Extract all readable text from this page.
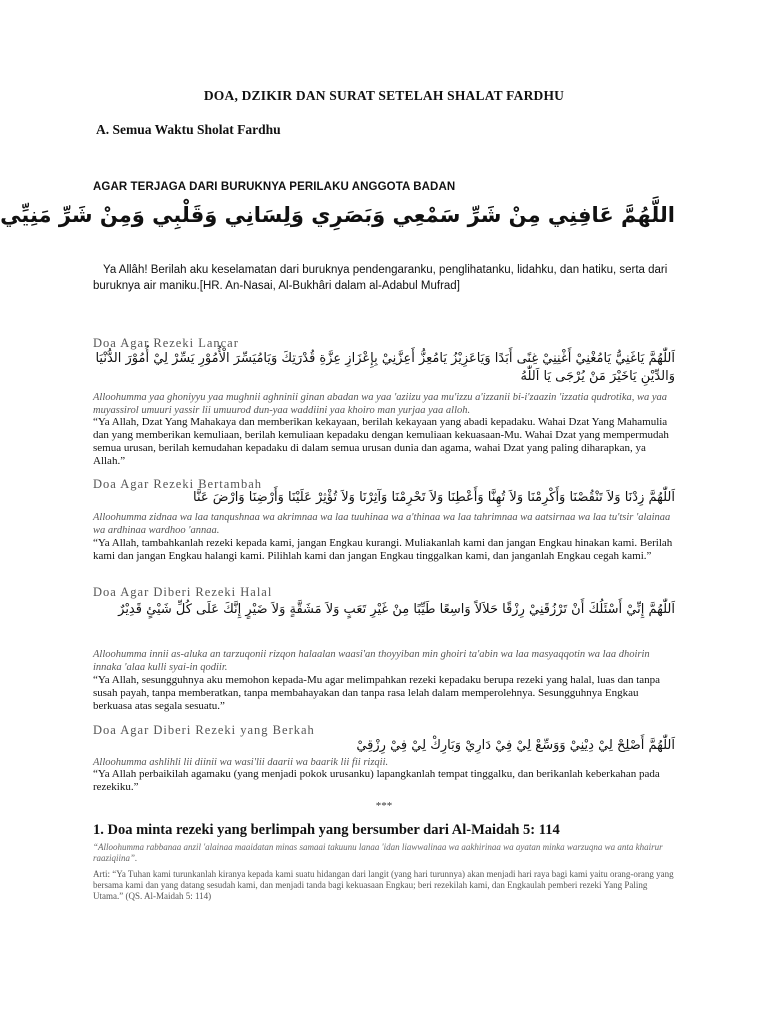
DOA, DZIKIR DAN SURAT SETELAH SHALAT FARDHU
A. Semua Waktu Sholat Fardhu
AGAR TERJAGA DARI BURUKNYA PERILAKU ANGGOTA BADAN
اللَّهُمَّ عَافِنِي مِنْ شَرِّ سَمْعِي وَبَصَرِي وَلِسَانِي وَقَلْبِي وَمِنْ شَرِّ مَنِيِّي
Ya Allâh! Berilah aku keselamatan dari buruknya pendengaranku, penglihatanku, lidahku, dan hatiku, serta dari buruknya air maniku.[HR. An-Nasai, Al-Bukhâri dalam al-Adabul Mufrad]
Doa Agar Rezeki Lancar
اَللّٰهُمَّ يَاغَنِيُّ يَامُغْنِيْ أَغْنِنِيْ غِنًى أَبَدًا وَيَاعَزِيْزُ يَامُعِزُّ أَعِزَّنِيْ بِإِعْزَازِ عِزَّةِ قُدْرَتِكَ وَيَامُيَسِّرَ الْأُمُوْرِ يَسِّرْ لِيْ أُمُوْرَ الدُّنْيَا وَالدِّيْنِ يَاخَيْرَ مَنْ يُرْجَى يَا اَللّٰهُ
Alloohumma yaa ghoniyyu yaa mughnii aghninii ginan abadan wa yaa 'aziizu yaa mu'izzu a'izzanii bi-i'zaazin 'izzatia qudrotika, wa yaa muyassirol umuuri yassir lii umuurod dun-yaa waddiini yaa khoiro man yurjaa yaa alloh.
“Ya Allah, Dzat Yang Mahakaya dan memberikan kekayaan, berilah kekayaan yang abadi kepadaku. Wahai Dzat Yang Mahamulia dan yang memberikan kemuliaan, berilah kemuliaan kepadaku dengan kemuliaan kekuasaan-Mu. Wahai Dzat yang mempermudah semua urusan, berilah kemudahan kepadaku di dalam semua urusan dunia dan agama, wahai Dzat yang paling diharapkan, ya Allah.”
Doa Agar Rezeki Bertambah
اَللّٰهُمَّ زِدْنَا وَلاَ تَنْقُصْنَا وَأَكْرِمْنَا وَلاَ تُهِنَّا وَأَعْطِنَا وَلاَ تَحْرِمْنَا وَآثِرْنَا وَلاَ تُؤْثِرْ عَلَيْنَا وَأَرْضِنَا وَارْضَ عَنَّا
Alloohumma zidnaa wa laa tanqushnaa wa akrimnaa wa laa tuuhinaa wa a'thinaa wa laa tahrimnaa wa aatsirnaa wa laa tu'tsir 'alainaa wa ardhinaa wardhoo 'annaa.
“Ya Allah, tambahkanlah rezeki kepada kami, jangan Engkau kurangi. Muliakanlah kami dan jangan Engkau hinakan kami. Berilah kami dan jangan Engkau halangi kami. Pilihlah kami dan jangan Engkau tinggalkan kami, dan janganlah Engkau cegah kami.”
Doa Agar Diberi Rezeki Halal
اَللّٰهُمَّ إِنِّيْ أَسْئَلُكَ أَنْ تَرْزُقَنِيْ رِزْقًا حَلاَلاً وَاسِعًا طَيِّبًا مِنْ غَيْرِ تَعَبٍ وَلاَ مَشَقَّةٍ وَلاَ ضَيْرٍ إِنَّكَ عَلَى كُلِّ شَيْئٍ قَدِيْرٌ
Alloohumma innii as-aluka an tarzuqonii rizqon halaalan waasi'an thoyyiban min ghoiri ta'abin wa laa masyaqqotin wa laa dhoirin innaka 'alaa kulli syai-in qodiir.
“Ya Allah, sesungguhnya aku memohon kepada-Mu agar melimpahkan rezeki kepadaku berupa rezeki yang halal, luas dan tanpa susah payah, tanpa memberatkan, tanpa membahayakan dan tanpa rasa lelah dalam memperolehnya. Sesungguhnya Engkau berkuasa atas segala sesuatu.”
Doa Agar Diberi Rezeki yang Berkah
اَللّٰهُمَّ أَصْلِحْ لِيْ دِيْنِيْ وَوَسِّعْ لِيْ فِيْ دَارِيْ وَبَارِكْ لِيْ فِيْ رِزْقِيْ
Alloohumma ashlihli lii diinii wa wasi'lii daarii wa baarik lii fii rizqii.
“Ya Allah perbaikilah agamaku (yang menjadi pokok urusanku) lapangkanlah tempat tinggalku, dan berikanlah keberkahan pada rezekiku.”
***
1. Doa minta rezeki yang berlimpah yang bersumber dari Al-Maidah 5: 114
“Alloohumma rabbanaa anzil 'alainaa maaidatan minas samaai takuunu lanaa 'idan liawwalinaa wa aakhirinaa wa ayatan minka warzuqna wa anta khairur raaziqiina”.
Arti: “Ya Tuhan kami turunkanlah kiranya kepada kami suatu hidangan dari langit (yang hari turunnya) akan menjadi hari raya bagi kami yaitu orang-orang yang bersama kami dan yang datang sesudah kami, dan menjadi tanda bagi kekuasaan Engkau; beri rezekilah kami, dan Engkaulah pemberi rezeki Yang Paling Utama.” (QS. Al-Maidah 5: 114)
